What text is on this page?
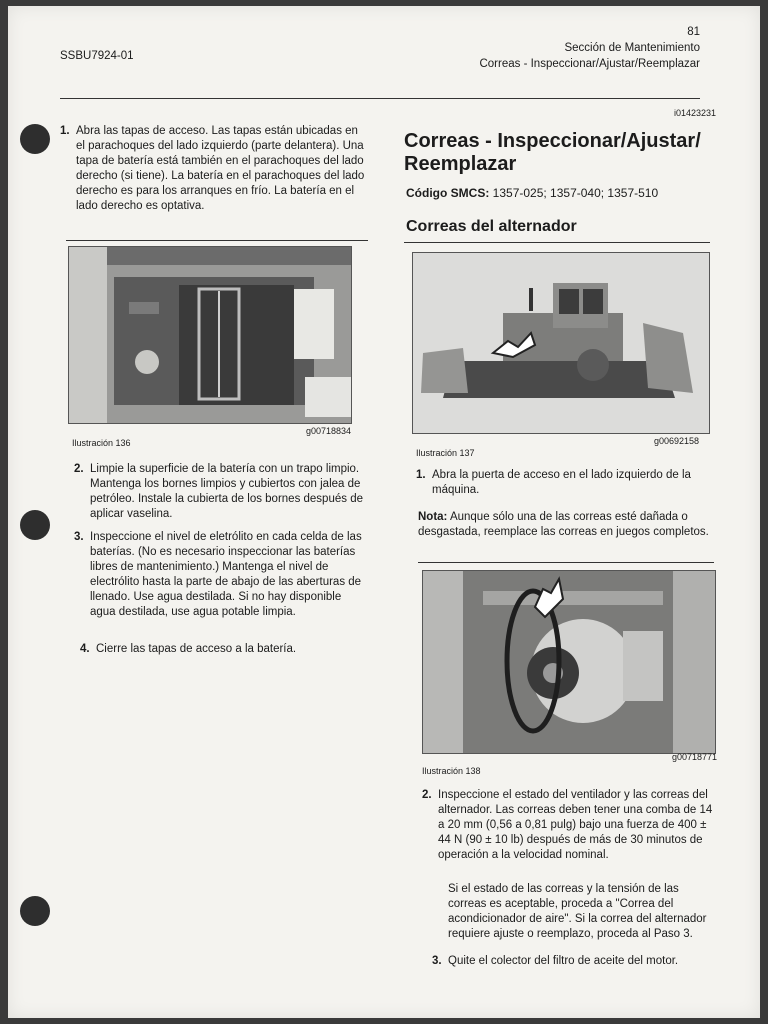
SSBU7924-01
81
Sección de Mantenimiento
Correas - Inspeccionar/Ajustar/Reemplazar
1. Abra las tapas de acceso. Las tapas están ubicadas en el parachoques del lado izquierdo (parte delantera). Una tapa de batería está también en el parachoques del lado derecho (si tiene). La batería en el parachoques del lado derecho es para los arranques en frío. La batería en el lado derecho es optativa.
Ilustración 136
g00718834
2. Limpie la superficie de la batería con un trapo limpio. Mantenga los bornes limpios y cubiertos con jalea de petróleo. Instale la cubierta de los bornes después de aplicar vaselina.
3. Inspeccione el nivel de eletrólito en cada celda de las baterías. (No es necesario inspeccionar las baterías libres de mantenimiento.) Mantenga el nivel de electrólito hasta la parte de abajo de las aberturas de llenado. Use agua destilada. Si no hay disponible agua destilada, use agua potable limpia.
4. Cierre las tapas de acceso a la batería.
i01423231
Correas - Inspeccionar/Ajustar/ Reemplazar
Código SMCS: 1357-025; 1357-040; 1357-510
Correas del alternador
Ilustración 137
g00692158
1. Abra la puerta de acceso en el lado izquierdo de la máquina.
Nota: Aunque sólo una de las correas esté dañada o desgastada, reemplace las correas en juegos completos.
Ilustración 138
g00718771
2. Inspeccione el estado del ventilador y las correas del alternador. Las correas deben tener una comba de 14 a 20 mm (0,56 a 0,81 pulg) bajo una fuerza de 400 ± 44 N (90 ± 10 lb) después de más de 30 minutos de operación a la velocidad nominal.
Si el estado de las correas y la tensión de las correas es aceptable, proceda a "Correa del acondicionador de aire". Si la correa del alternador requiere ajuste o reemplazo, proceda al Paso 3.
3. Quite el colector del filtro de aceite del motor.
